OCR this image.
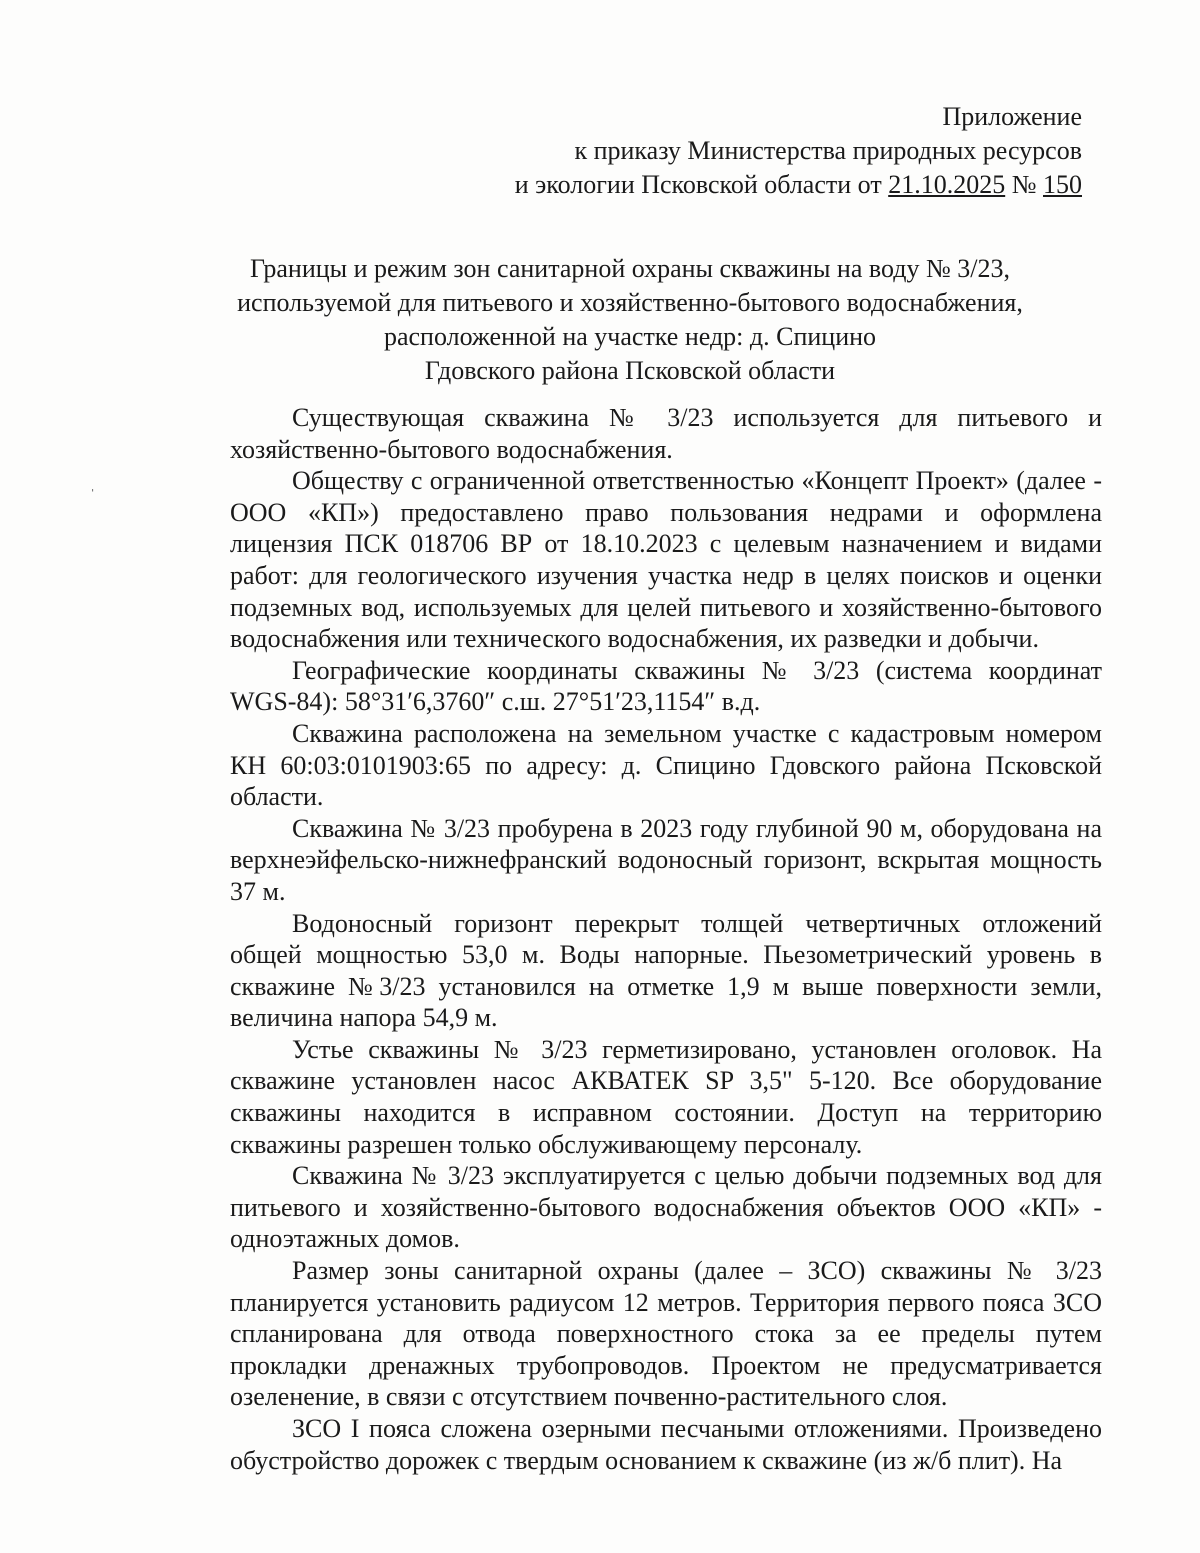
Приложение
к приказу Министерства природных ресурсов
и экологии Псковской области от 21.10.2025 № 150
Границы и режим зон санитарной охраны скважины на воду № 3/23,
используемой для питьевого и хозяйственно-бытового водоснабжения,
расположенной на участке недр: д. Спицино
Гдовского района Псковской области
ˈ

Существующая скважина № 3/23 используется для питьевого и хозяйственно-бытового водоснабжения.

Обществу с ограниченной ответственностью «Концепт Проект» (далее - ООО «КП») предоставлено право пользования недрами и оформлена лицензия ПСК 018706 ВР от 18.10.2023 с целевым назначением и видами работ: для геологического изучения участка недр в целях поисков и оценки подземных вод, используемых для целей питьевого и хозяйственно-бытового водоснабжения или технического водоснабжения, их разведки и добычи.

Географические координаты скважины № 3/23 (система координат WGS-84): 58°31′6,3760″ с.ш. 27°51′23,1154″ в.д.

Скважина расположена на земельном участке с кадастровым номером КН 60:03:0101903:65 по адресу: д. Спицино Гдовского района Псковской области.

Скважина № 3/23 пробурена в 2023 году глубиной 90 м, оборудована на верхнеэйфельско-нижнефранский водоносный горизонт, вскрытая мощность 37 м.

Водоносный горизонт перекрыт толщей четвертичных отложений общей мощностью 53,0 м. Воды напорные. Пьезометрический уровень в скважине №3/23 установился на отметке 1,9 м выше поверхности земли, величина напора 54,9 м.

Устье скважины № 3/23 герметизировано, установлен оголовок. На скважине установлен насос АКВАТЕК SP 3,5" 5-120. Все оборудование скважины находится в исправном состоянии. Доступ на территорию скважины разрешен только обслуживающему персоналу.

Скважина № 3/23 эксплуатируется с целью добычи подземных вод для питьевого и хозяйственно-бытового водоснабжения объектов ООО «КП» - одноэтажных домов.

Размер зоны санитарной охраны (далее – ЗСО) скважины № 3/23 планируется установить радиусом 12 метров. Территория первого пояса ЗСО спланирована для отвода поверхностного стока за ее пределы путем прокладки дренажных трубопроводов. Проектом не предусматривается озеленение, в связи с отсутствием почвенно-растительного слоя.

ЗСО I пояса сложена озерными песчаными отложениями. Произведено обустройство дорожек с твердым основанием к скважине (из ж/б плит). На
